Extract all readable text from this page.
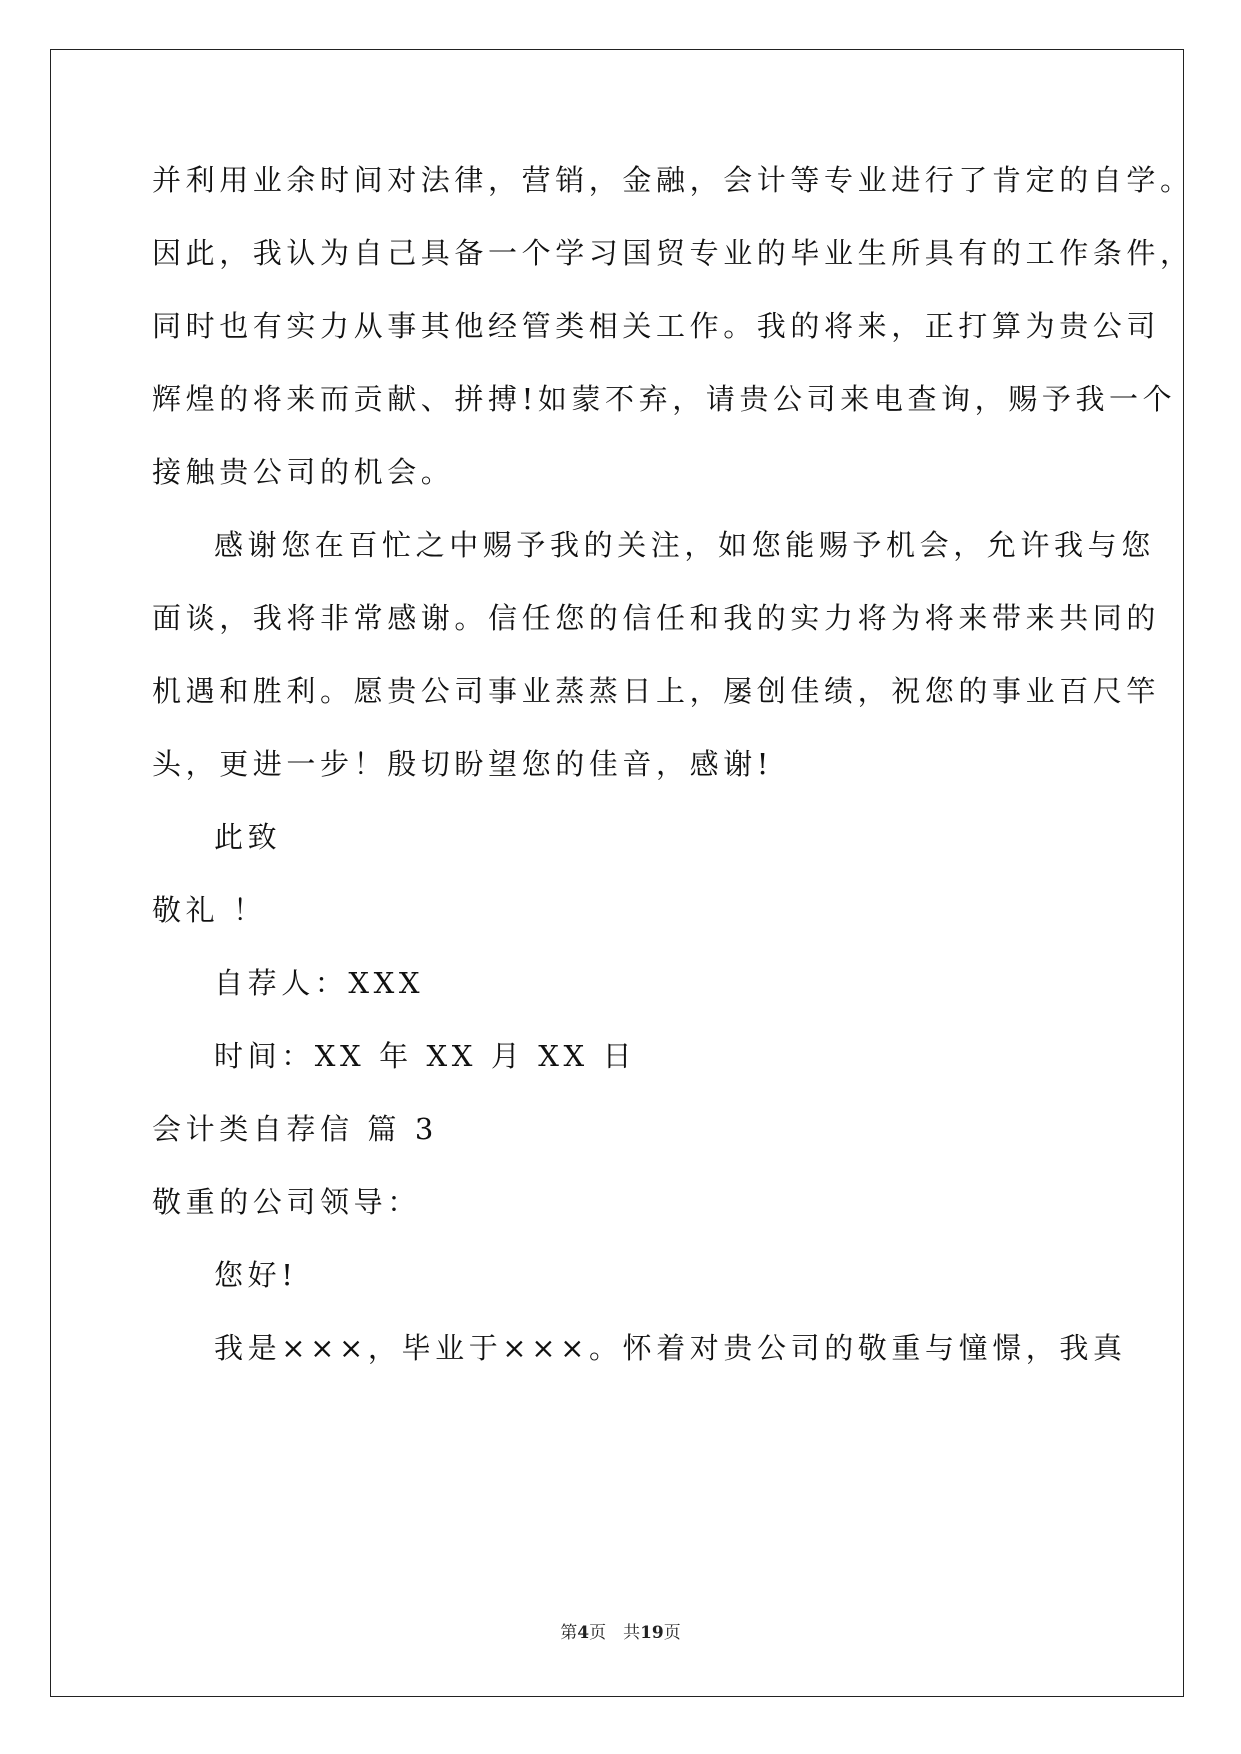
并利用业余时间对法律，营销，金融，会计等专业进行了肯定的自学。
因此，我认为自己具备一个学习国贸专业的毕业生所具有的工作条件，
同时也有实力从事其他经管类相关工作。我的将来，正打算为贵公司
辉煌的将来而贡献、拼搏!如蒙不弃，请贵公司来电查询，赐予我一个
接触贵公司的机会。
感谢您在百忙之中赐予我的关注，如您能赐予机会，允许我与您
面谈，我将非常感谢。信任您的信任和我的实力将为将来带来共同的
机遇和胜利。愿贵公司事业蒸蒸日上，屡创佳绩，祝您的事业百尺竿
头，更进一步！殷切盼望您的佳音，感谢!
此致
敬礼 ！
自荐人：XXX
时间：XX 年 XX 月 XX 日
会计类自荐信 篇 3
敬重的公司领导：
您好!
我是×××，毕业于×××。怀着对贵公司的敬重与憧憬，我真
第4页　共19页
